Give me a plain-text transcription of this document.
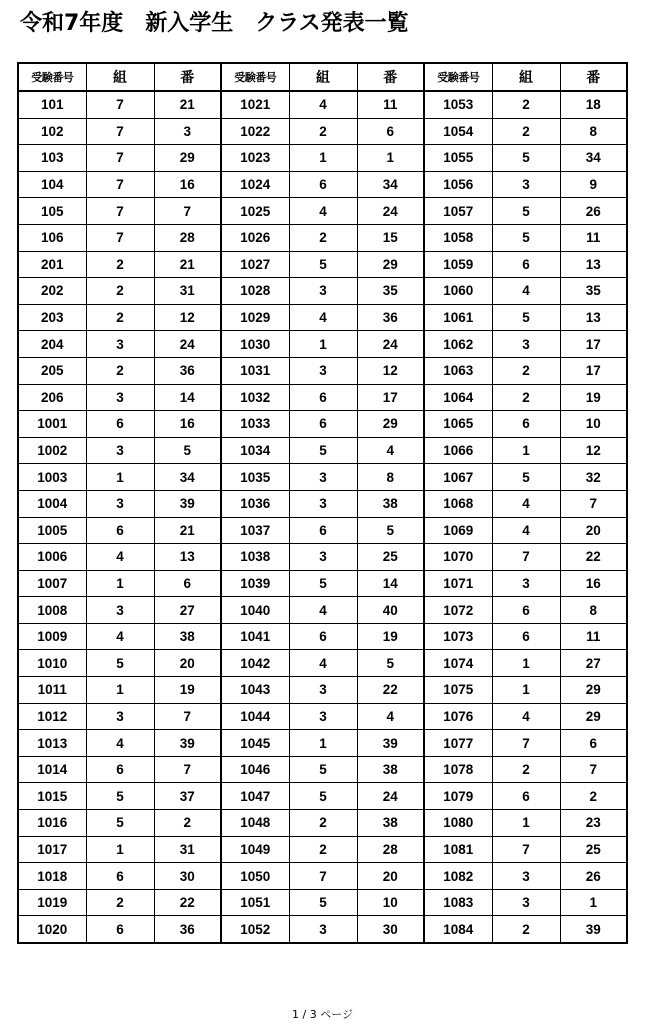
令和7年度　新入学生　クラス発表一覧
受験番号	組	番	受験番号	組	番	受験番号	組	番
101	7	21	1021	4	11	1053	2	18
102	7	3	1022	2	6	1054	2	8
103	7	29	1023	1	1	1055	5	34
104	7	16	1024	6	34	1056	3	9
105	7	7	1025	4	24	1057	5	26
106	7	28	1026	2	15	1058	5	11
201	2	21	1027	5	29	1059	6	13
202	2	31	1028	3	35	1060	4	35
203	2	12	1029	4	36	1061	5	13
204	3	24	1030	1	24	1062	3	17
205	2	36	1031	3	12	1063	2	17
206	3	14	1032	6	17	1064	2	19
1001	6	16	1033	6	29	1065	6	10
1002	3	5	1034	5	4	1066	1	12
1003	1	34	1035	3	8	1067	5	32
1004	3	39	1036	3	38	1068	4	7
1005	6	21	1037	6	5	1069	4	20
1006	4	13	1038	3	25	1070	7	22
1007	1	6	1039	5	14	1071	3	16
1008	3	27	1040	4	40	1072	6	8
1009	4	38	1041	6	19	1073	6	11
1010	5	20	1042	4	5	1074	1	27
1011	1	19	1043	3	22	1075	1	29
1012	3	7	1044	3	4	1076	4	29
1013	4	39	1045	1	39	1077	7	6
1014	6	7	1046	5	38	1078	2	7
1015	5	37	1047	5	24	1079	6	2
1016	5	2	1048	2	38	1080	1	23
1017	1	31	1049	2	28	1081	7	25
1018	6	30	1050	7	20	1082	3	26
1019	2	22	1051	5	10	1083	3	1
1020	6	36	1052	3	30	1084	2	39
1 / 3 ページ
